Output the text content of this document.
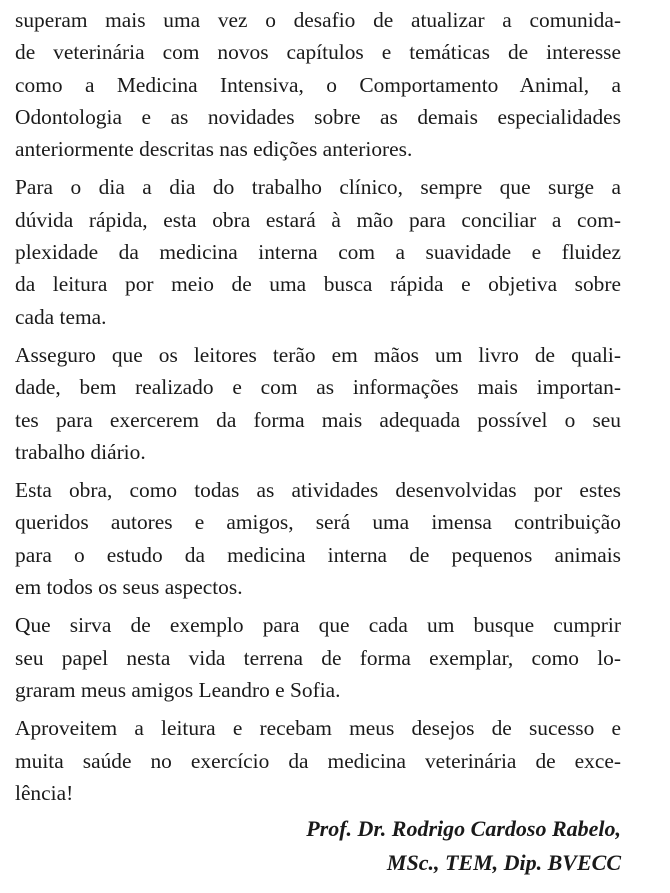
superam mais uma vez o desafio de atualizar a comunida-
de veterinária com novos capítulos e temáticas de interesse
como a Medicina Intensiva, o Comportamento Animal, a
Odontologia e as novidades sobre as demais especialidades
anteriormente descritas nas edições anteriores.

Para o dia a dia do trabalho clínico, sempre que surge a
dúvida rápida, esta obra estará à mão para conciliar a com-
plexidade da medicina interna com a suavidade e fluidez
da leitura por meio de uma busca rápida e objetiva sobre
cada tema.

Asseguro que os leitores terão em mãos um livro de quali-
dade, bem realizado e com as informações mais importan-
tes para exercerem da forma mais adequada possível o seu
trabalho diário.

Esta obra, como todas as atividades desenvolvidas por estes
queridos autores e amigos, será uma imensa contribuição
para o estudo da medicina interna de pequenos animais
em todos os seus aspectos.

Que sirva de exemplo para que cada um busque cumprir
seu papel nesta vida terrena de forma exemplar, como lo-
graram meus amigos Leandro e Sofia.

Aproveitem a leitura e recebam meus desejos de sucesso e
muita saúde no exercício da medicina veterinária de exce-
lência!

Prof. Dr. Rodrigo Cardoso Rabelo,
MSc., TEM, Dip. BVECC
